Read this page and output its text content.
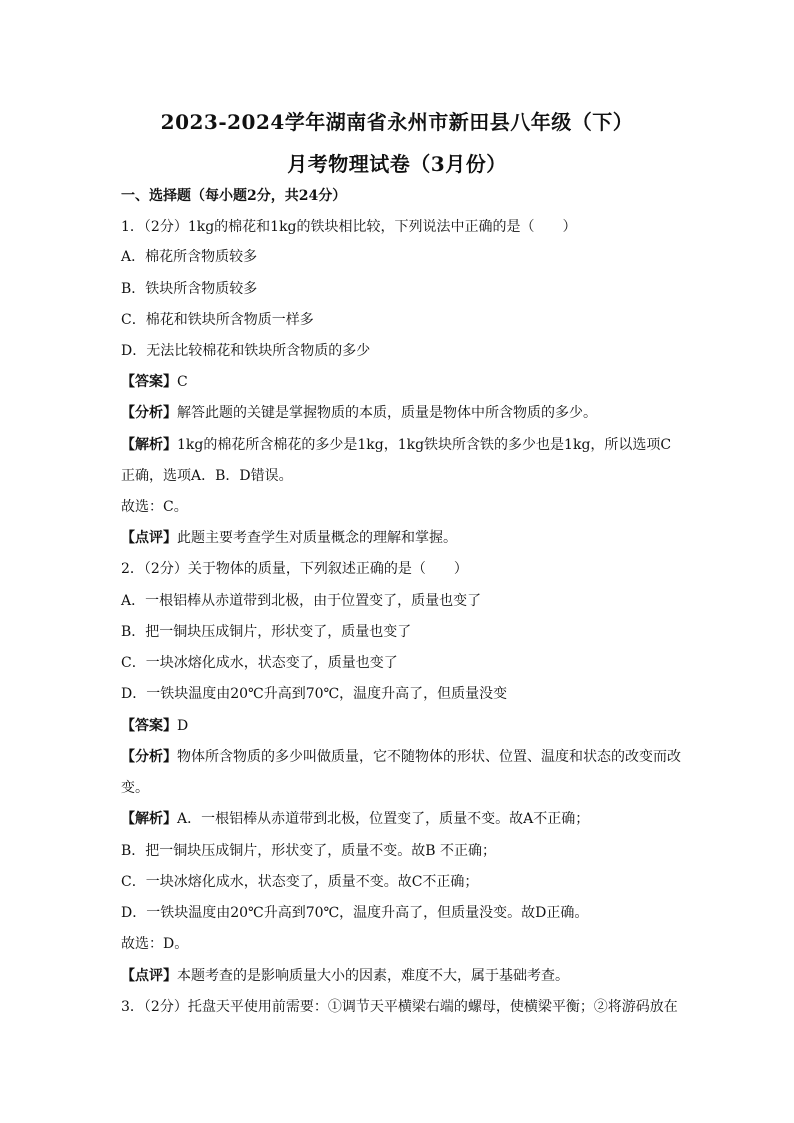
2023-2024学年湖南省永州市新田县八年级（下）
月考物理试卷（3月份）
一、选择题（每小题2分，共24分）
1．（2分）1kg的棉花和1kg的铁块相比较，下列说法中正确的是（　　）
A．棉花所含物质较多
B．铁块所含物质较多
C．棉花和铁块所含物质一样多
D．无法比较棉花和铁块所含物质的多少
【答案】C
【分析】解答此题的关键是掌握物质的本质，质量是物体中所含物质的多少。
【解析】1kg的棉花所含棉花的多少是1kg，1kg铁块所含铁的多少也是1kg，所以选项C
正确，选项A．B．D错误。
故选：C。
【点评】此题主要考查学生对质量概念的理解和掌握。
2．（2分）关于物体的质量，下列叙述正确的是（　　）
A．一根铝棒从赤道带到北极，由于位置变了，质量也变了
B．把一铜块压成铜片，形状变了，质量也变了
C．一块冰熔化成水，状态变了，质量也变了
D．一铁块温度由20℃升高到70℃，温度升高了，但质量没变
【答案】D
【分析】物体所含物质的多少叫做质量，它不随物体的形状、位置、温度和状态的改变而改
变。
【解析】A．一根铝棒从赤道带到北极，位置变了，质量不变。故A不正确；
B．把一铜块压成铜片，形状变了，质量不变。故B 不正确；
C．一块冰熔化成水，状态变了，质量不变。故C不正确；
D．一铁块温度由20℃升高到70℃，温度升高了，但质量没变。故D正确。
故选：D。
【点评】本题考查的是影响质量大小的因素，难度不大，属于基础考查。
3．（2分）托盘天平使用前需要：①调节天平横梁右端的螺母，使横梁平衡；②将游码放在
